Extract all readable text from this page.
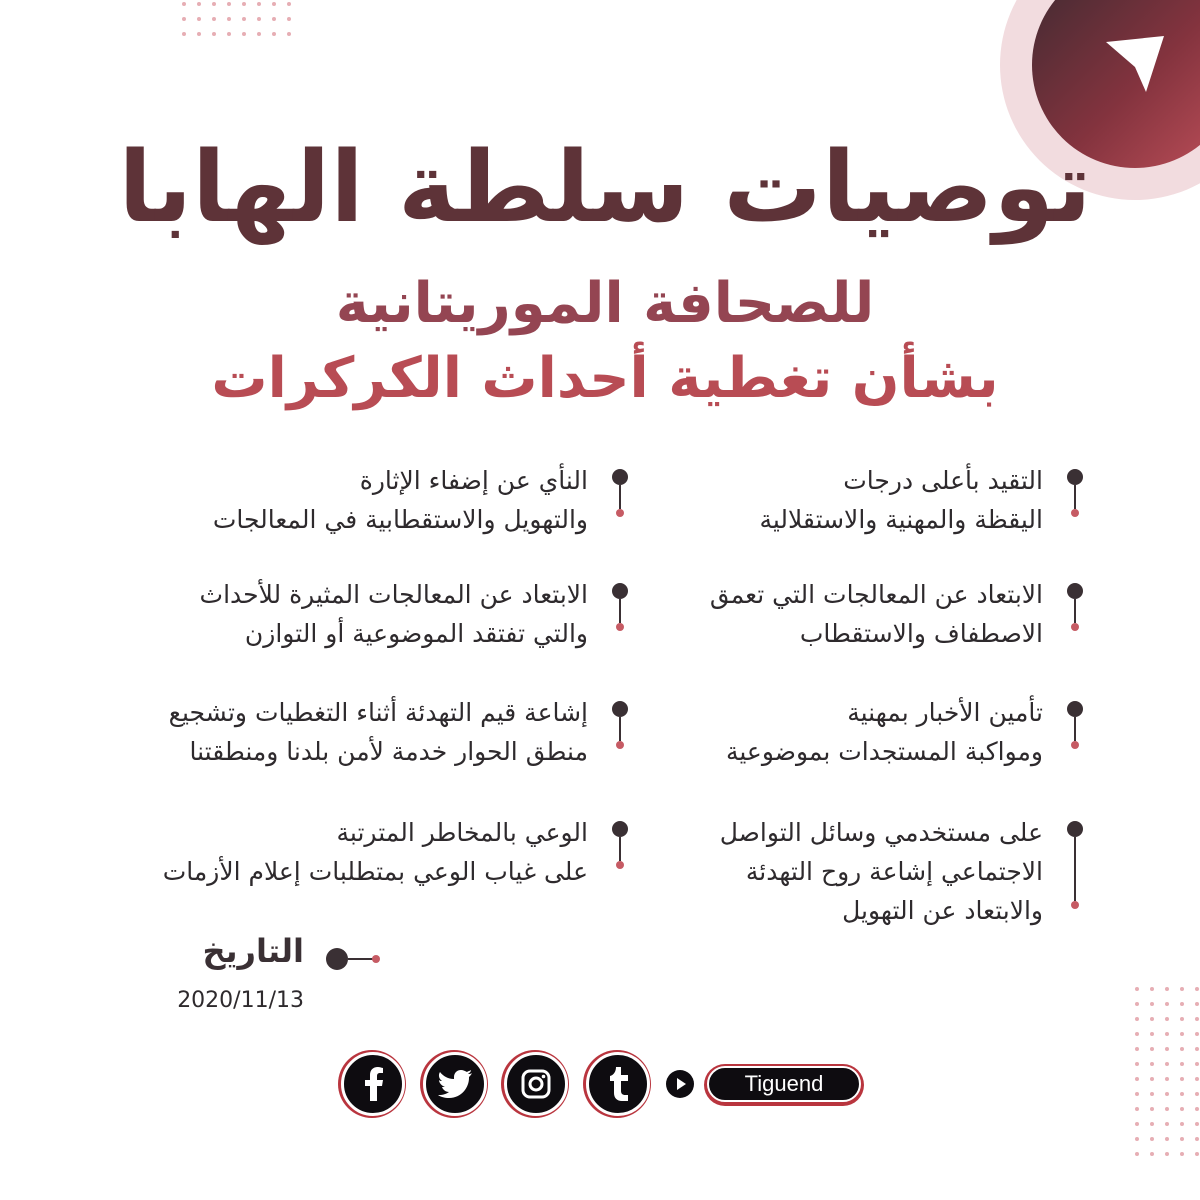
توصيات سلطة الهابا
للصحافة الموريتانية
بشأن تغطية أحداث الكركرات
التقيد بأعلى درجات
اليقظة والمهنية والاستقلالية
الابتعاد عن المعالجات التي تعمق
الاصطفاف والاستقطاب
تأمين الأخبار بمهنية
ومواكبة المستجدات بموضوعية
على مستخدمي وسائل التواصل
الاجتماعي إشاعة روح التهدئة
والابتعاد عن التهويل
النأي عن إضفاء الإثارة
والتهويل والاستقطابية في المعالجات
الابتعاد عن المعالجات المثيرة للأحداث
والتي تفتقد الموضوعية أو التوازن
إشاعة قيم التهدئة أثناء التغطيات وتشجيع
منطق الحوار خدمة لأمن بلدنا ومنطقتنا
الوعي بالمخاطر المترتبة
على غياب الوعي بمتطلبات إعلام الأزمات
التاريخ
2020/11/13
Tiguend
